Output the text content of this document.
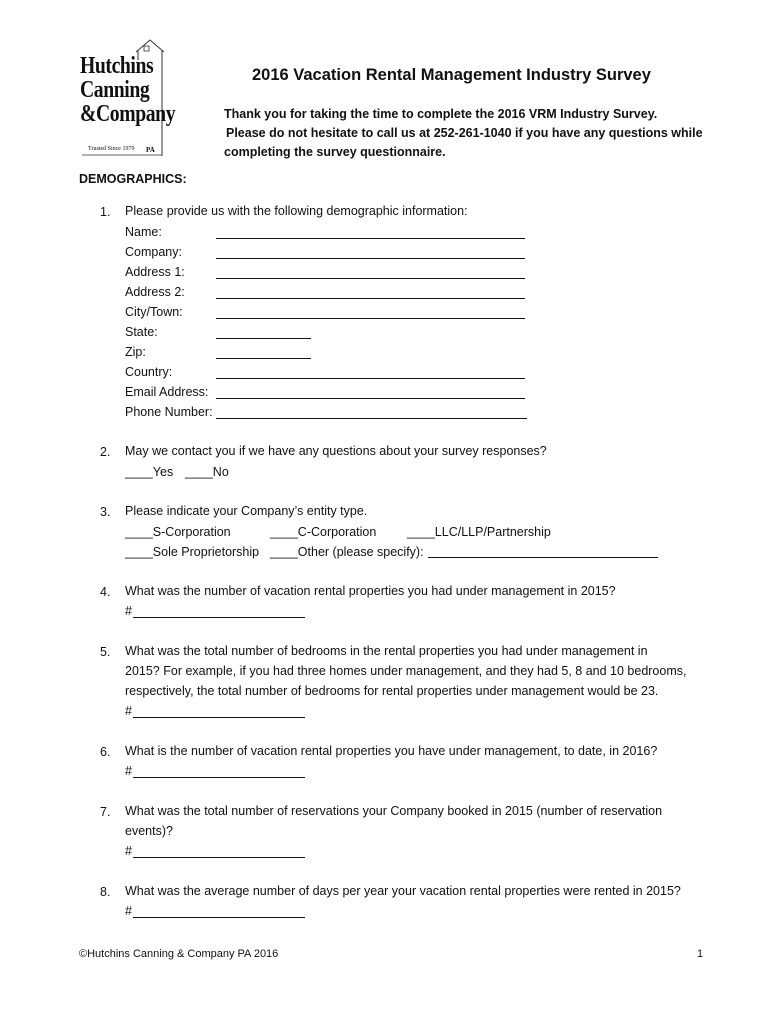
Hutchins
Canning
&Company
Trusted Since 1979 PA
2016 Vacation Rental Management Industry Survey
Thank you for taking the time to complete the 2016 VRM Industry Survey.
Please do not hesitate to call us at 252-261-1040 if you have any questions while
completing the survey questionnaire.
DEMOGRAPHICS:
1. Please provide us with the following demographic information:
Name:
Company:
Address 1:
Address 2:
City/Town:
State:
Zip:
Country:
Email Address:
Phone Number:
2. May we contact you if we have any questions about your survey responses?
____Yes ____No
3. Please indicate your Company’s entity type.
____S-Corporation	____C-Corporation ____LLC/LLP/Partnership
____Sole Proprietorship ____Other (please specify):
4. What was the number of vacation rental properties you had under management in 2015?
#
5. What was the total number of bedrooms in the rental properties you had under management in
2015? For example, if you had three homes under management, and they had 5, 8 and 10 bedrooms,
respectively, the total number of bedrooms for rental properties under management would be 23.
#
6. What is the number of vacation rental properties you have under management, to date, in 2016?
#
7. What was the total number of reservations your Company booked in 2015 (number of reservation
events)?
#
8. What was the average number of days per year your vacation rental properties were rented in 2015?
#
©Hutchins Canning & Company PA 2016	1
